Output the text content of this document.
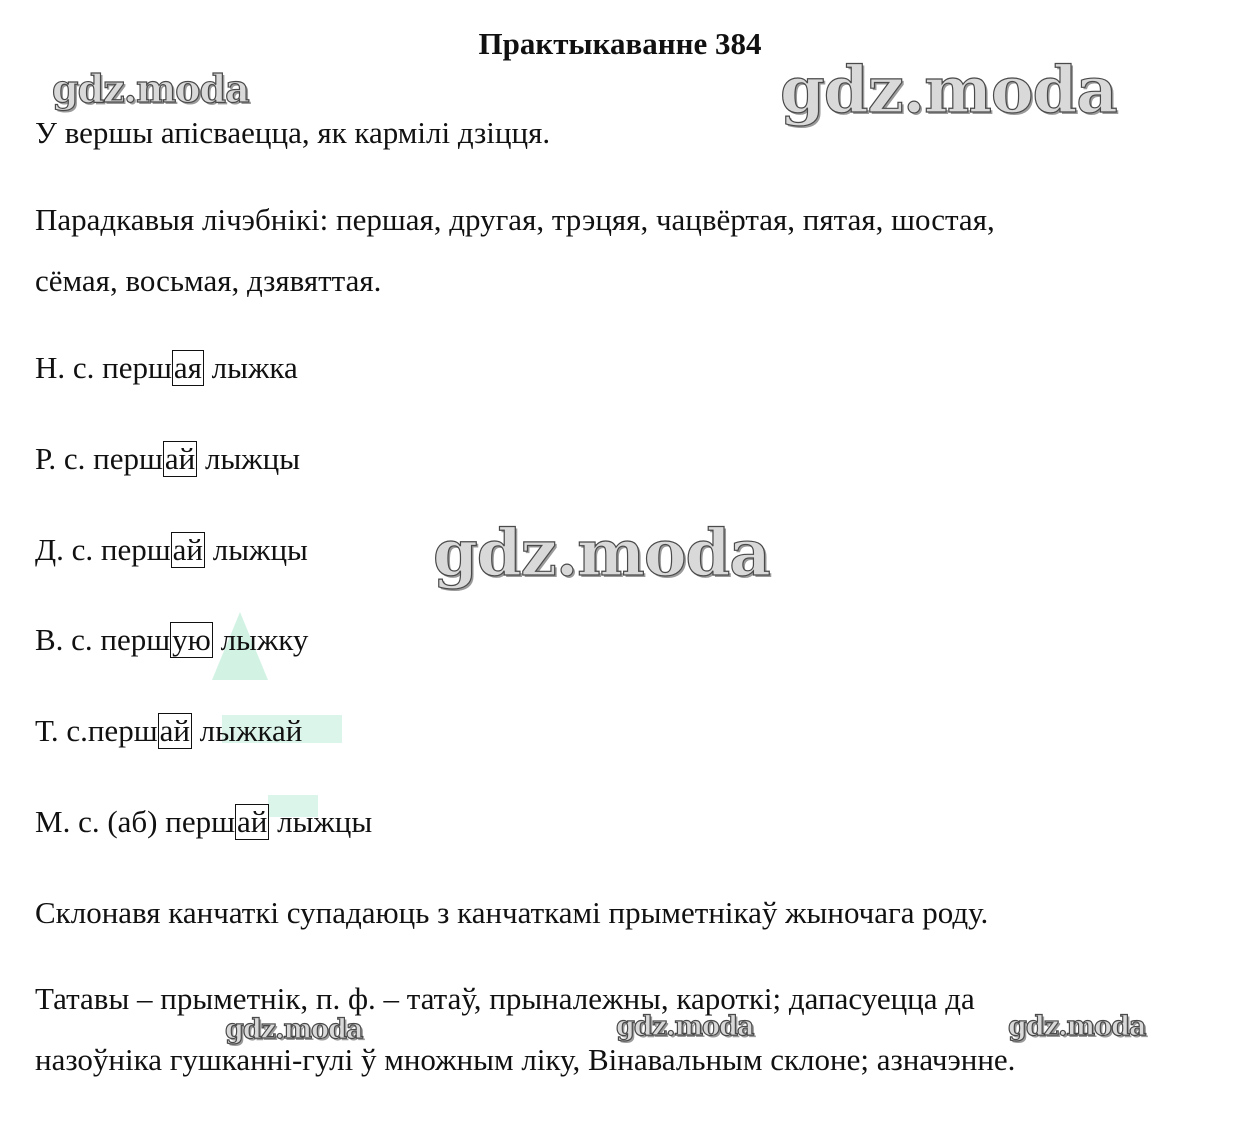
Практыкаванне 384
gdz.moda	gdz.moda
gdz.moda
gdz.moda	gdz.moda	gdz.moda
У вершы апісваецца, як кармілі дзіцця.
Парадкавыя лічэбнікі: першая, другая, трэцяя, чацвёртая, пятая, шостая,
сёмая, восьмая, дзявяттая.
Н. с. першая лыжка
Р. с. першай лыжцы
Д. с. першай лыжцы
В. с. першую лыжку
Т. с.першай лыжкай
М. с. (аб) першай лыжцы
Склонавя канчаткі супадаюць з канчаткамі прыметнікаў жыночага роду.
Татавы – прыметнік, п. ф. – татаў, прыналежны, кароткі; дапасуецца да
назоўніка гушканні-гулі ў множным ліку, Вінавальным склоне; азначэнне.
